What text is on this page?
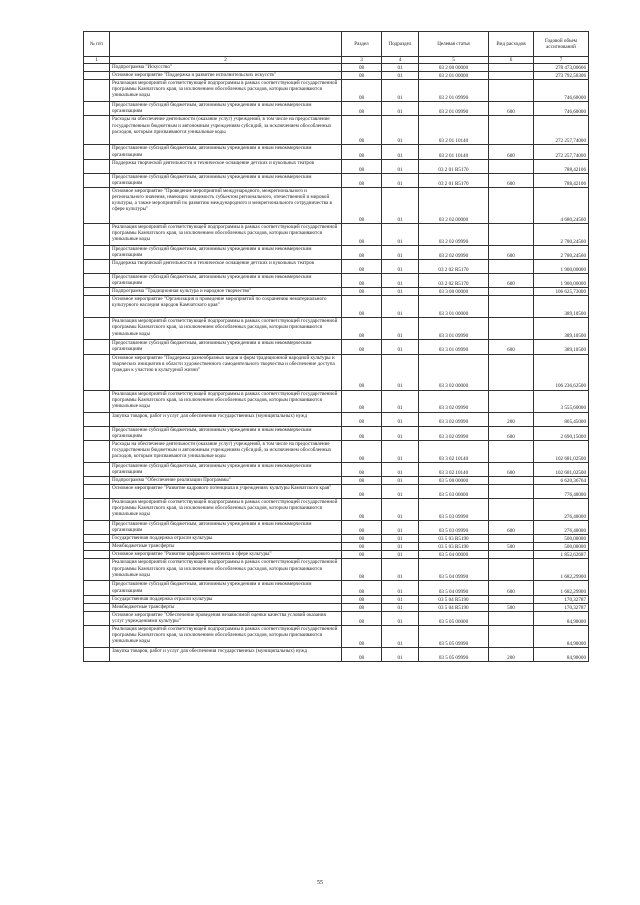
№ п/п		Раздел	Подраздел	Целевая статья	Вид расходов	Годовой объем ассигнований
1	2	3	4	5	6	7
	Подпрограмма "Искусство"	08	01	03 2 00 00000		278 473,00666
	Основное мероприятие "Поддержка и развитие исполнительских искусств"	08	01	03 2 01 00000		273 792,58306
	Реализация мероприятий соответствующей подпрограммы в рамках соответствующей государственной программы Камчатского края, за исключением обособленных расходов, которым присваиваются уникальные коды	08	01	03 2 01 09990		746,60000
	Предоставление субсидий бюджетным, автономным учреждениям и иным некоммерческим организациям	08	01	03 2 01 09990	600	746,60000
	Расходы на обеспечение деятельности (оказание услуг) учреждений, в том числе на предоставление государственным бюджетным и автономным учреждениям субсидий, за исключением обособленных расходов, которым присваиваются уникальные коды	08	01	03 2 01 10140		272 257,74000
	Предоставление субсидий бюджетным, автономным учреждениям и иным некоммерческим организациям	08	01	03 2 01 10140	600	272 257,74000
	Поддержка творческой деятельности и техническое оснащение детских и кукольных театров	08	01	03 2 01 R5170		788,42106
	Предоставление субсидий бюджетным, автономным учреждениям и иным некоммерческим организациям	08	01	03 2 01 R5170	600	788,42106
	Основное мероприятие "Проведение мероприятий международного, межрегионального и регионального значения, имеющих значимость субъектом регионального, отечественной и мировой культуры, а также мероприятий по развитию международного и межрегионального сотрудничества в сфере культуры"	08	01	03 2 02 00000		4 680,24560
	Реализация мероприятий соответствующей подпрограммы в рамках соответствующей государственной программы Камчатского края, за исключением обособленных расходов, которым присваиваются уникальные коды	08	01	03 2 02 09990		2 780,24560
	Предоставление субсидий бюджетным, автономным учреждениям и иным некоммерческим организациям	08	01	03 2 02 09990	600	2 780,24560
	Поддержка творческой деятельности и техническое оснащение детских и кукольных театров	08	01	03 2 02 R5170		1 900,00000
	Предоставление субсидий бюджетным, автономным учреждениям и иным некоммерческим организациям	08	01	03 2 02 R5170	600	1 900,00000
	Подпрограмма "Традиционная культура и народное творчество"	08	01	03 3 00 00000		106 625,73000
	Основное мероприятие "Организация и проведение мероприятий по сохранению нематериального культурного наследия народов Камчатского края"	08	01	03 3 01 00000		389,10500
	Реализация мероприятий соответствующей подпрограммы в рамках соответствующей государственной программы Камчатского края, за исключением обособленных расходов, которым присваиваются уникальные коды	08	01	03 3 01 09990		389,10500
	Предоставление субсидий бюджетным, автономным учреждениям и иным некоммерческим организациям	08	01	03 3 01 09990	600	389,10500
	Основное мероприятие "Поддержка разнообразных видов и форм традиционной народной культуры и творческих инициатив в области художественного самодеятельного творчества и обеспечение доступа граждан к участию в культурной жизни"	08	01	03 3 02 00000		106 236,62500
	Реализация мероприятий соответствующей подпрограммы в рамках соответствующей государственной программы Камчатского края, за исключением обособленных расходов, которым присваиваются уникальные коды	08	01	03 3 02 09990		3 555,60000
	Закупка товаров, работ и услуг для обеспечения государственных (муниципальных) нужд	08	01	03 3 02 09990	200	865,45000
	Предоставление субсидий бюджетным, автономным учреждениям и иным некоммерческим организациям	08	01	03 3 02 09990	600	2 690,15000
	Расходы на обеспечение деятельности (оказание услуг) учреждений, в том числе на предоставление государственным бюджетным и автономным учреждениям субсидий, за исключением обособленных расходов, которым присваиваются уникальные коды	08	01	03 3 02 10140		102 681,02500
	Предоставление субсидий бюджетным, автономным учреждениям и иным некоммерческим организациям	08	01	03 3 02 10140	600	102 681,02500
	Подпрограмма "Обеспечение реализации Программы"	08	01	03 5 00 00000		6 620,36764
	Основное мероприятие "Развитие кадрового потенциала в учреждениях культуры Камчатского края"	08	01	03 5 03 00000		776,40000
	Реализация мероприятий соответствующей подпрограммы в рамках соответствующей государственной программы Камчатского края, за исключением обособленных расходов, которым присваиваются уникальные коды	08	01	03 5 03 09990		276,40000
	Предоставление субсидий бюджетным, автономным учреждениям и иным некоммерческим организациям	08	01	03 5 03 09990	600	276,40000
	Государственная поддержка отрасли культуры	08	01	03 5 03 R5190		500,00000
	Межбюджетные трансферты	08	01	03 5 03 R5190	500	500,00000
	Основное мероприятие "Развитие цифрового контента в сфере культуры"	08	01	03 5 04 00000		1 852,62687
	Реализация мероприятий соответствующей подпрограммы в рамках соответствующей государственной программы Камчатского края, за исключением обособленных расходов, которым присваиваются уникальные коды	08	01	03 5 04 09990		1 682,29900
	Предоставление субсидий бюджетным, автономным учреждениям и иным некоммерческим организациям	08	01	03 5 04 09990	600	1 682,29900
	Государственная поддержка отрасли культуры	08	01	03 5 04 R5190		170,32787
	Межбюджетные трансферты	08	01	03 5 04 R5190	500	170,32787
	Основное мероприятие "Обеспечение проведения независимой оценки качества условий оказания услуг учреждениями культуры"	08	01	03 5 05 00000		84,90000
	Реализация мероприятий соответствующей подпрограммы в рамках соответствующей государственной программы Камчатского края, за исключением обособленных расходов, которым присваиваются уникальные коды	08	01	03 5 05 09990		84,90000
	Закупка товаров, работ и услуг для обеспечения государственных (муниципальных) нужд	08	01	03 5 05 09990	200	84,90000
55
